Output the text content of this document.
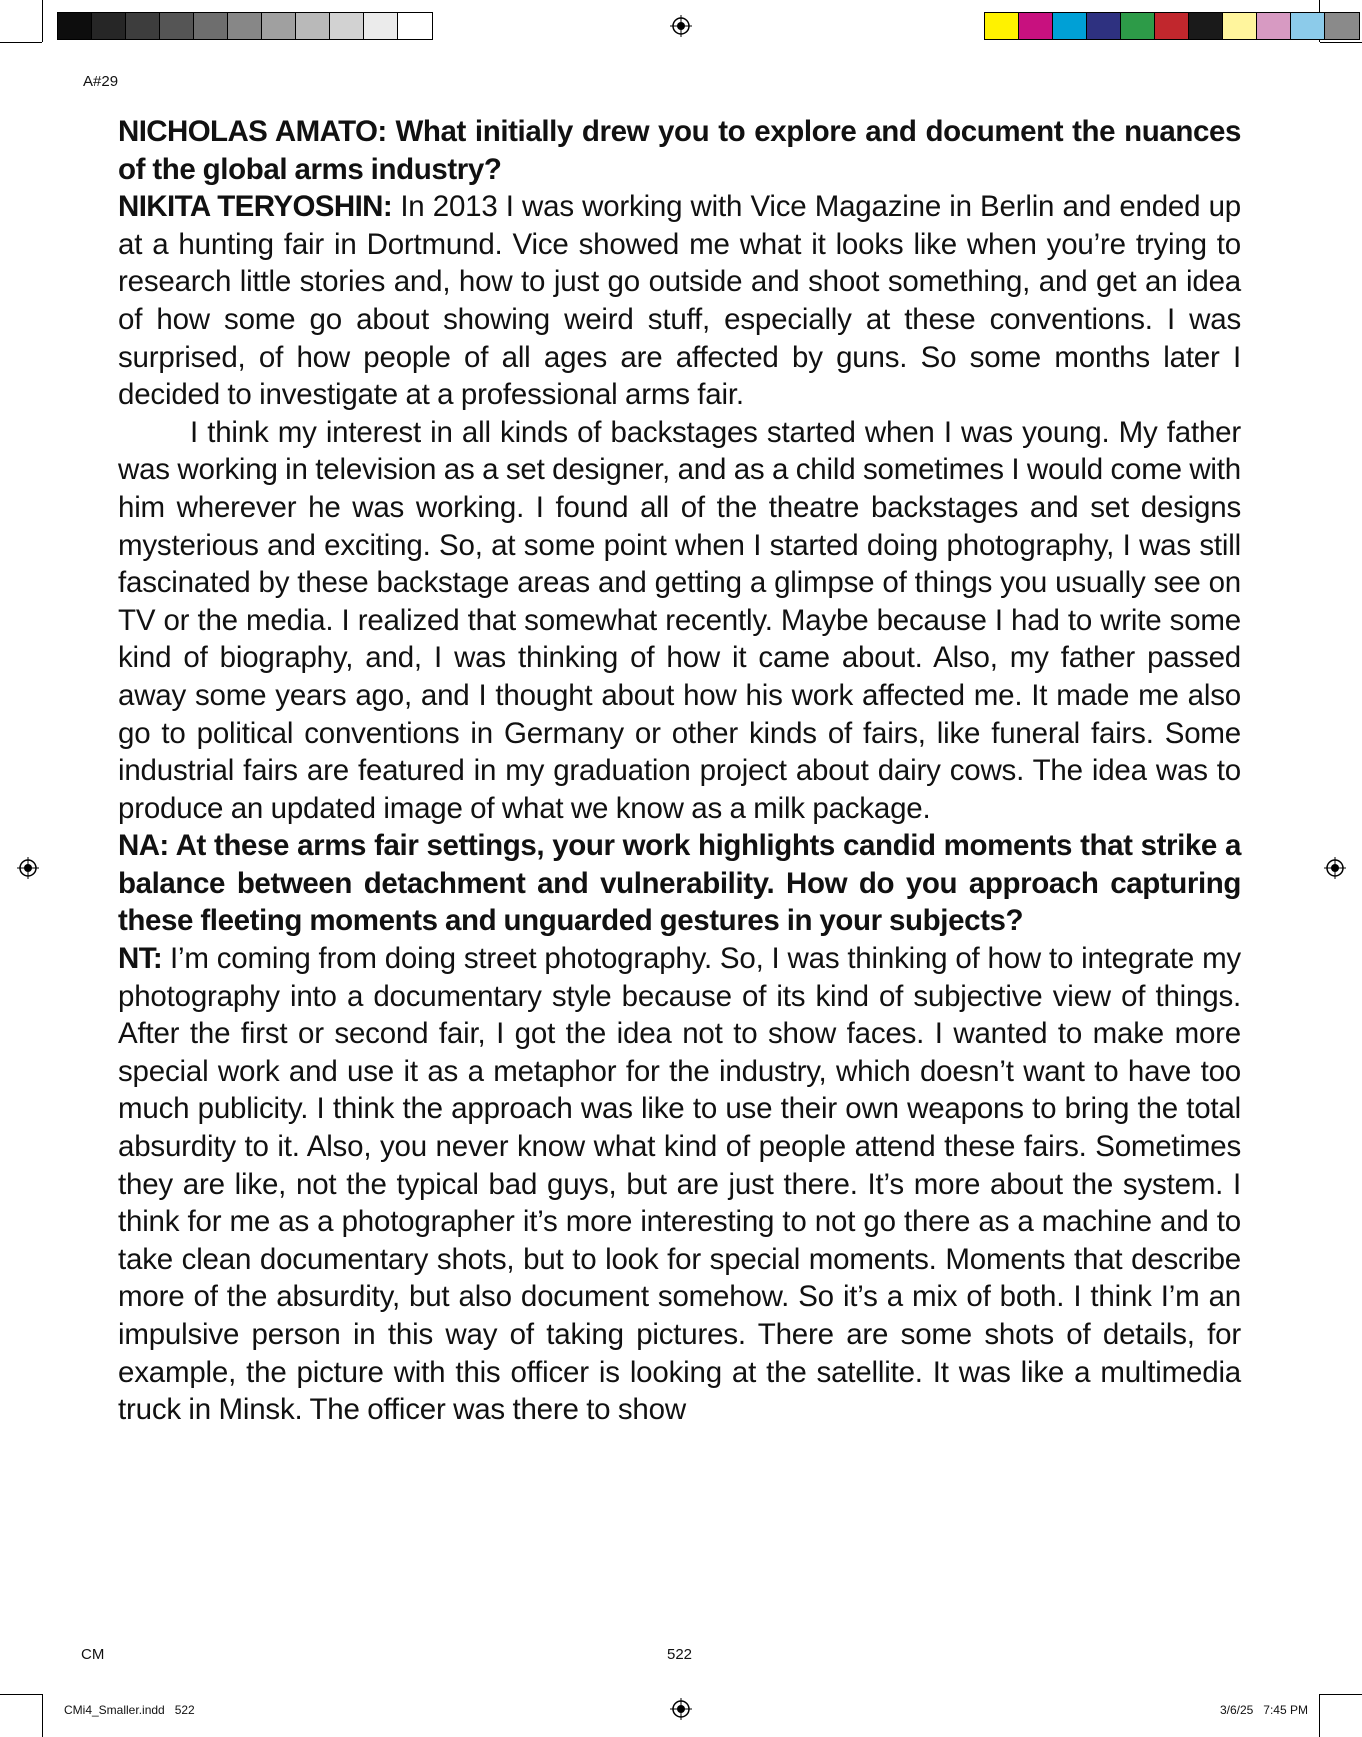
A#29

NICHOLAS AMATO: What initially drew you to explore and document the nuances of the global arms industry?

NIKITA TERYOSHIN: In 2013 I was working with Vice Magazine in Berlin and ended up at a hunting fair in Dortmund. Vice showed me what it looks like when you’re trying to research little stories and, how to just go outside and shoot something, and get an idea of how some go about showing weird stuff, especially at these conventions. I was surprised, of how people of all ages are affected by guns. So some months later I decided to investigate at a professional arms fair.

I think my interest in all kinds of backstages started when I was young. My father was working in television as a set designer, and as a child sometimes I would come with him wherever he was working. I found all of the theatre backstages and set designs mysterious and exciting. So, at some point when I started doing photography, I was still fascinated by these backstage areas and getting a glimpse of things you usually see on TV or the media. I realized that somewhat recently. Maybe because I had to write some kind of biography, and, I was thinking of how it came about. Also, my father passed away some years ago, and I thought about how his work affected me. It made me also go to political conventions in Germany or other kinds of fairs, like funeral fairs. Some industrial fairs are featured in my graduation project about dairy cows. The idea was to produce an updated image of what we know as a milk package.

NA: At these arms fair settings, your work highlights candid moments that strike a balance between detachment and vulnerability. How do you approach capturing these fleeting moments and unguarded gestures in your subjects?

NT: I’m coming from doing street photography. So, I was thinking of how to integrate my photography into a documentary style because of its kind of subjective view of things. After the first or second fair, I got the idea not to show faces. I wanted to make more special work and use it as a metaphor for the industry, which doesn’t want to have too much publicity. I think the approach was like to use their own weapons to bring the total absurdity to it. Also, you never know what kind of people attend these fairs. Sometimes they are like, not the typical bad guys, but are just there. It’s more about the system. I think for me as a photographer it’s more interesting to not go there as a machine and to take clean documentary shots, but to look for special moments. Moments that describe more of the absurdity, but also document somehow. So it’s a mix of both. I think I’m an impulsive person in this way of taking pictures. There are some shots of details, for example, the picture with this officer is looking at the satellite. It was like a multimedia truck in Minsk. The officer was there to show

CM	522
CMi4_Smaller.indd   522	3/6/25   7:45 PM
